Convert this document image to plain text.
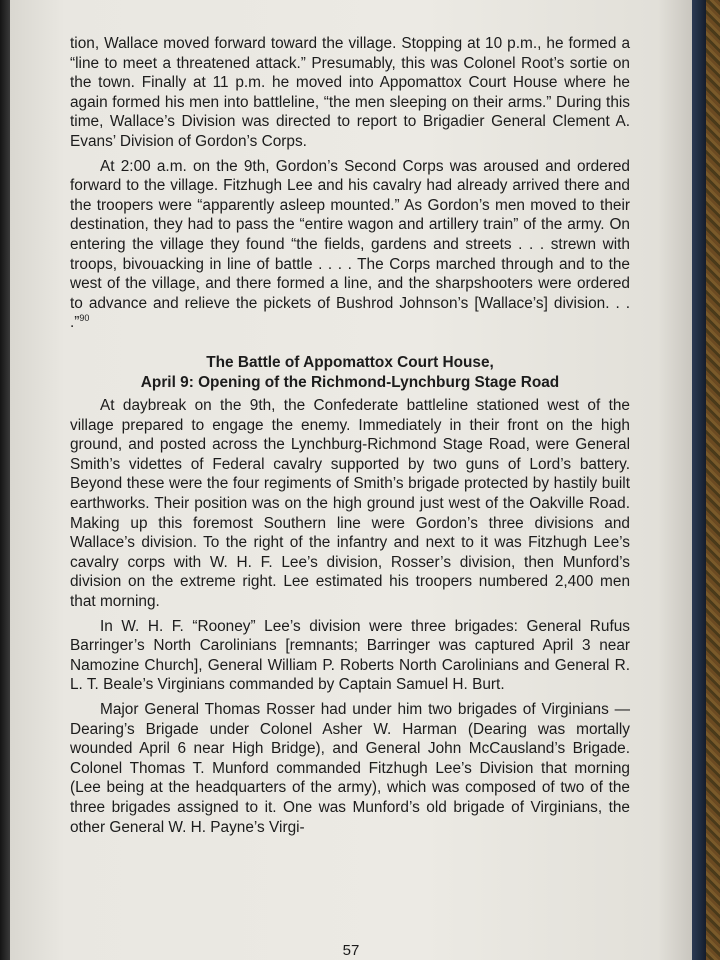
tion, Wallace moved forward toward the village. Stopping at 10 p.m., he formed a “line to meet a threatened attack.” Presumably, this was Colonel Root’s sortie on the town. Finally at 11 p.m. he moved into Appomattox Court House where he again formed his men into battleline, “the men sleeping on their arms.” During this time, Wallace’s Division was directed to report to Brigadier General Clement A. Evans’ Division of Gordon’s Corps.

At 2:00 a.m. on the 9th, Gordon’s Second Corps was aroused and ordered forward to the village. Fitzhugh Lee and his cavalry had already arrived there and the troopers were “apparently asleep mounted.” As Gordon’s men moved to their destination, they had to pass the “entire wagon and artillery train” of the army. On entering the village they found “the fields, gardens and streets . . . strewn with troops, bivouacking in line of battle . . . . The Corps marched through and to the west of the village, and there formed a line, and the sharpshooters were ordered to advance and relieve the pickets of Bushrod Johnson’s [Wallace’s] division. . . .”$^{90}$

The Battle of Appomattox Court House,
April 9: Opening of the Richmond-Lynchburg Stage Road

At daybreak on the 9th, the Confederate battleline stationed west of the village prepared to engage the enemy. Immediately in their front on the high ground, and posted across the Lynchburg-Richmond Stage Road, were General Smith’s videttes of Federal cavalry supported by two guns of Lord’s battery. Beyond these were the four regiments of Smith’s brigade protected by hastily built earthworks. Their position was on the high ground just west of the Oakville Road. Making up this foremost Southern line were Gordon’s three divisions and Wallace’s division. To the right of the infantry and next to it was Fitzhugh Lee’s cavalry corps with W. H. F. Lee’s division, Rosser’s division, then Munford’s division on the extreme right. Lee estimated his troopers numbered 2,400 men that morning.

In W. H. F. “Rooney” Lee’s division were three brigades: General Rufus Barringer’s North Carolinians [remnants; Barringer was captured April 3 near Namozine Church], General William P. Roberts North Carolinians and General R. L. T. Beale’s Virginians commanded by Captain Samuel H. Burt.

Major General Thomas Rosser had under him two brigades of Virginians — Dearing’s Brigade under Colonel Asher W. Harman (Dearing was mortally wounded April 6 near High Bridge), and General John McCausland’s Brigade. Colonel Thomas T. Munford commanded Fitzhugh Lee’s Division that morning (Lee being at the headquarters of the army), which was composed of two of the three brigades assigned to it. One was Munford’s old brigade of Virginians, the other General W. H. Payne’s Virgi-

57
